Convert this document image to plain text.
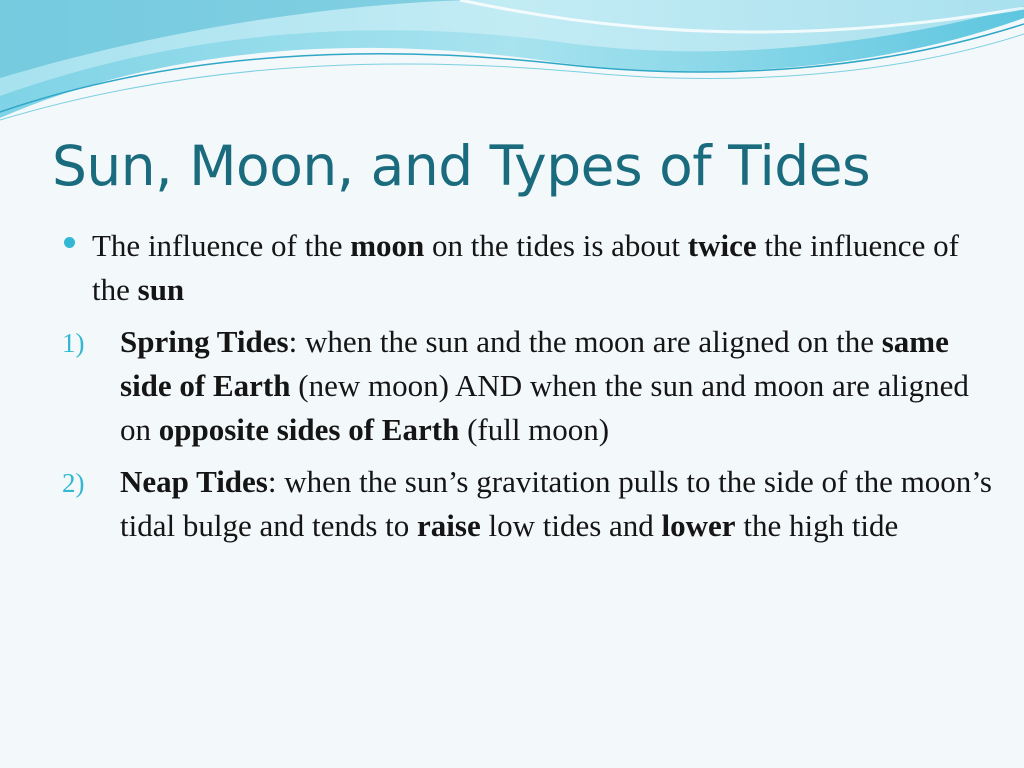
Sun, Moon, and Types of Tides
The influence of the moon on the tides is about twice the influence of the sun
1) Spring Tides: when the sun and the moon are aligned on the same side of Earth (new moon) AND when the sun and moon are aligned on opposite sides of Earth (full moon)
2) Neap Tides: when the sun’s gravitation pulls to the side of the moon’s tidal bulge and tends to raise low tides and lower the high tide
